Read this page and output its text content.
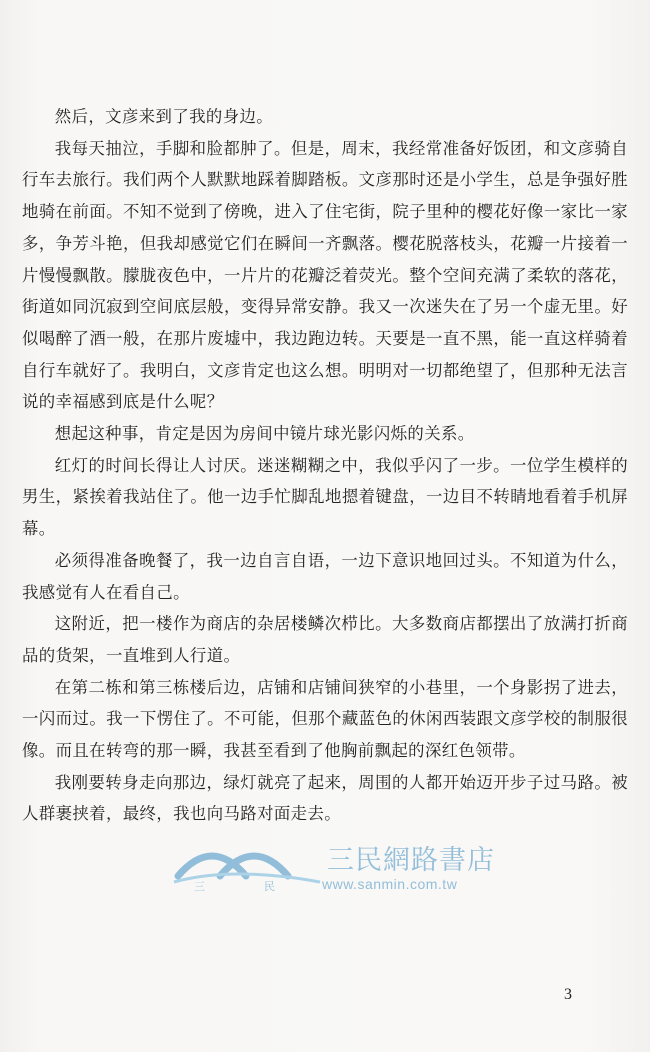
然后，文彦来到了我的身边。

我每天抽泣，手脚和脸都肿了。但是，周末，我经常准备好饭团，和文彦骑自行车去旅行。我们两个人默默地踩着脚踏板。文彦那时还是小学生，总是争强好胜地骑在前面。不知不觉到了傍晚，进入了住宅街，院子里种的樱花好像一家比一家多，争芳斗艳，但我却感觉它们在瞬间一齐飘落。樱花脱落枝头，花瓣一片接着一片慢慢飘散。朦胧夜色中，一片片的花瓣泛着荧光。整个空间充满了柔软的落花，街道如同沉寂到空间底层般，变得异常安静。我又一次迷失在了另一个虚无里。好似喝醉了酒一般，在那片废墟中，我边跑边转。天要是一直不黑，能一直这样骑着自行车就好了。我明白，文彦肯定也这么想。明明对一切都绝望了，但那种无法言说的幸福感到底是什么呢？

想起这种事，肯定是因为房间中镜片球光影闪烁的关系。

红灯的时间长得让人讨厌。迷迷糊糊之中，我似乎闪了一步。一位学生模样的男生，紧挨着我站住了。他一边手忙脚乱地摁着键盘，一边目不转睛地看着手机屏幕。

必须得准备晚餐了，我一边自言自语，一边下意识地回过头。不知道为什么，我感觉有人在看自己。

这附近，把一楼作为商店的杂居楼鳞次栉比。大多数商店都摆出了放满打折商品的货架，一直堆到人行道。

在第二栋和第三栋楼后边，店铺和店铺间狭窄的小巷里，一个身影拐了进去，一闪而过。我一下愣住了。不可能，但那个藏蓝色的休闲西装跟文彦学校的制服很像。而且在转弯的那一瞬，我甚至看到了他胸前飘起的深红色领带。

我刚要转身走向那边，绿灯就亮了起来，周围的人都开始迈开步子过马路。被人群裹挟着，最终，我也向马路对面走去。

三	民
三民網路書店
www.sanmin.com.tw
3
